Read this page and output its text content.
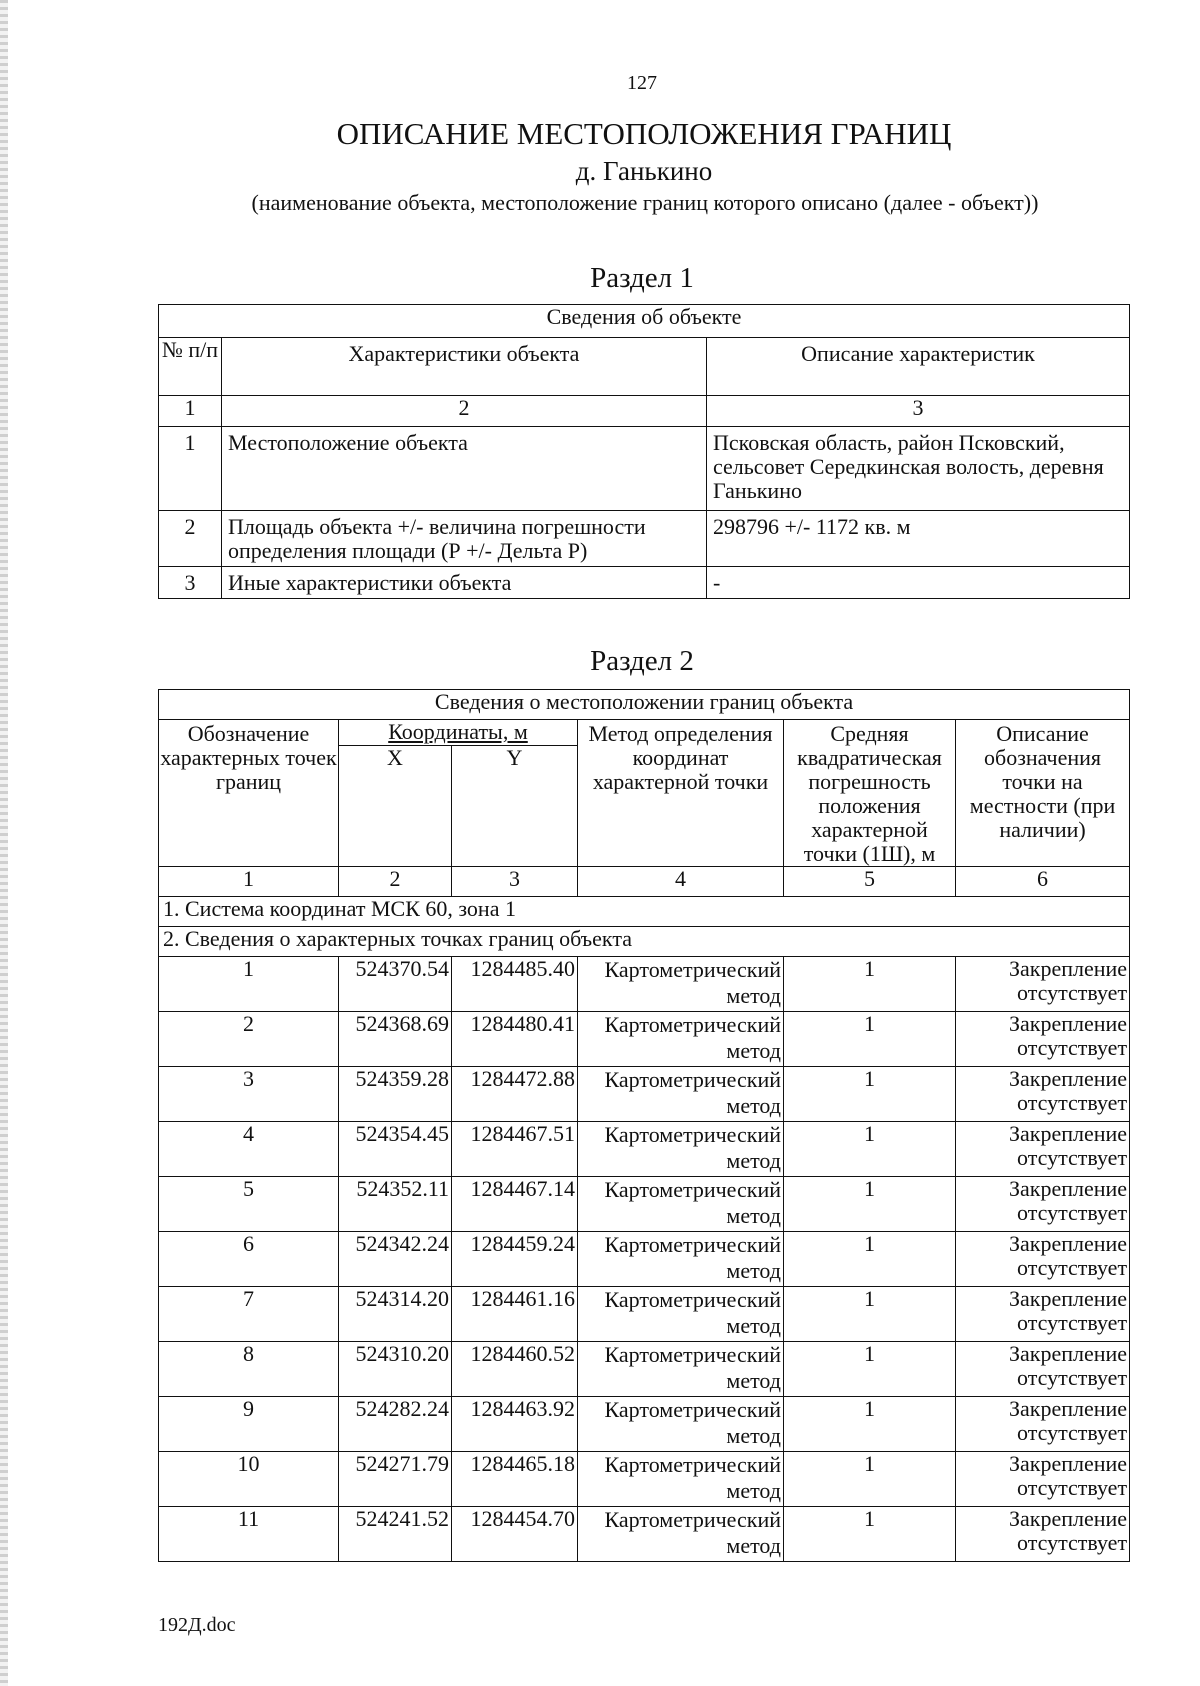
127
ОПИСАНИЕ МЕСТОПОЛОЖЕНИЯ ГРАНИЦ
д. Ганькино
(наименование объекта, местоположение границ которого описано (далее - объект))
Раздел 1
Сведения об объекте		
№ п/п	Характеристики объекта	Описание характеристик
1	2	3
1	Местоположение объекта	Псковская область, район Псковский, сельсовет Середкинская волость, деревня Ганькино
2	Площадь объекта +/- величина погрешности определения площади (Р +/- Дельта Р)	298796 +/- 1172 кв. м
3	Иные характеристики объекта	-
Раздел 2
Сведения о местоположении границ объекта					
Обозначение характерных точек границ	Координаты, м		Метод определения координат характерной точки	Средняя квадратическая погрешность положения характерной точки (1Ш), м	Описание обозначения точки на местности (при наличии)
	X	Y			
1	2	3	4	5	6
1. Система координат МСК 60, зона 1					
2. Сведения о характерных точках границ объекта					
1	524370.54	1284485.40	Картометрический метод	1	Закрепление отсутствует
2	524368.69	1284480.41	Картометрический метод	1	Закрепление отсутствует
3	524359.28	1284472.88	Картометрический метод	1	Закрепление отсутствует
4	524354.45	1284467.51	Картометрический метод	1	Закрепление отсутствует
5	524352.11	1284467.14	Картометрический метод	1	Закрепление отсутствует
6	524342.24	1284459.24	Картометрический метод	1	Закрепление отсутствует
7	524314.20	1284461.16	Картометрический метод	1	Закрепление отсутствует
8	524310.20	1284460.52	Картометрический метод	1	Закрепление отсутствует
9	524282.24	1284463.92	Картометрический метод	1	Закрепление отсутствует
10	524271.79	1284465.18	Картометрический метод	1	Закрепление отсутствует
11	524241.52	1284454.70	Картометрический метод	1	Закрепление отсутствует
192Д.doc
